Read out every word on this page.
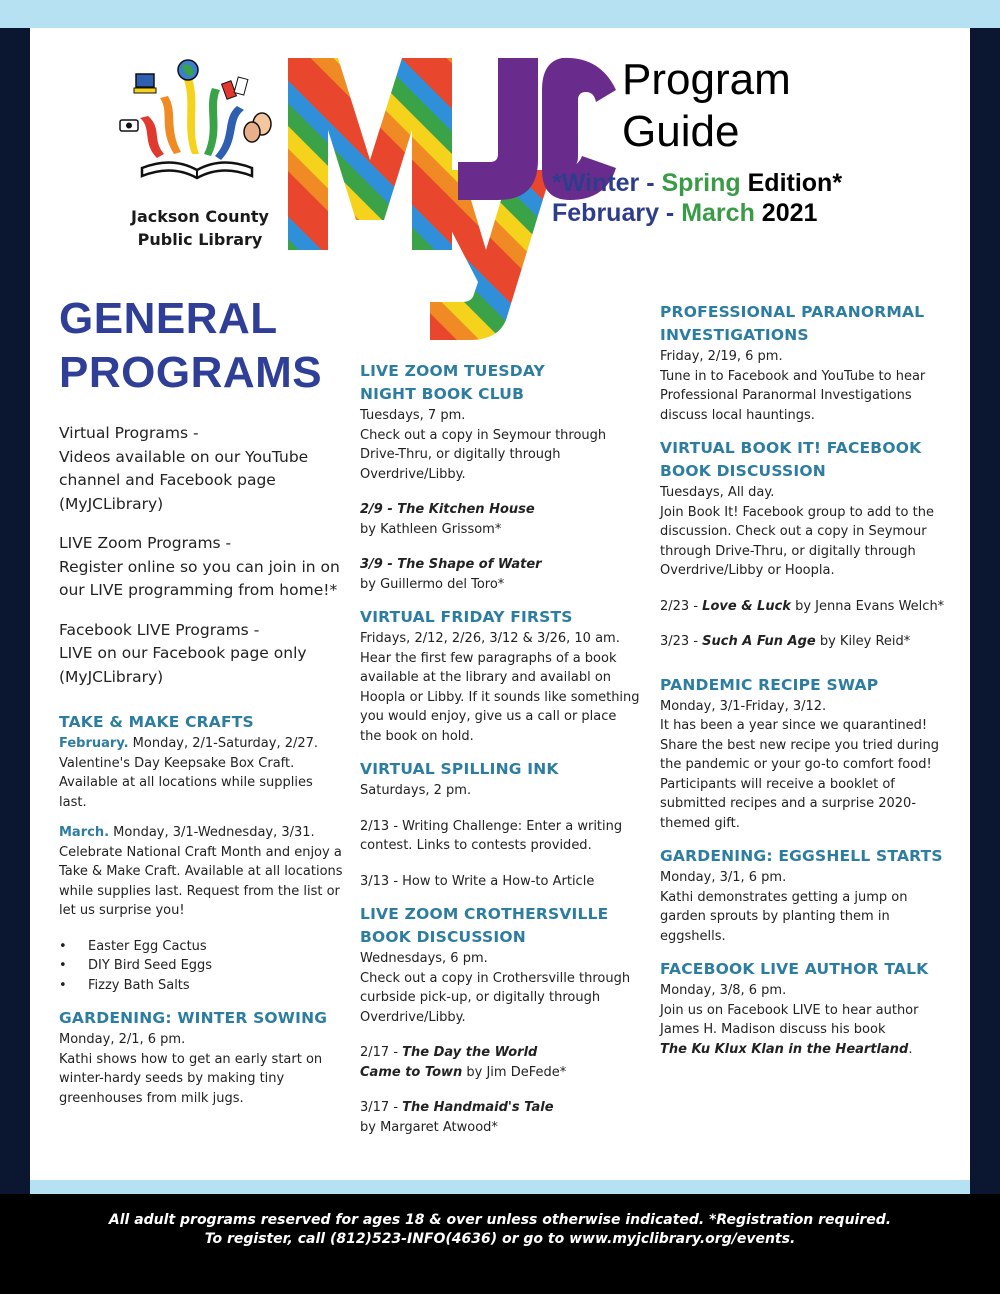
Jackson County
Public Library
Program
Guide
*Winter - Spring Edition*
February - March 2021
GENERAL
PROGRAMS

Virtual Programs -

Videos available on our YouTube channel and Facebook page (MyJCLibrary)

LIVE Zoom Programs -

Register online so you can join in on our LIVE programming from home!*

Facebook LIVE Programs -

LIVE on our Facebook page only (MyJCLibrary)

TAKE & MAKE CRAFTS

February. Monday, 2/1-Saturday, 2/27. Valentine's Day Keepsake Box Craft. Available at all locations while supplies last.

March. Monday, 3/1-Wednesday, 3/31. Celebrate National Craft Month and enjoy a Take & Make Craft. Available at all locations while supplies last. Request from the list or let us surprise you!

• Easter Egg Cactus
• DIY Bird Seed Eggs
• Fizzy Bath Salts

GARDENING: WINTER SOWING

Monday, 2/1, 6 pm.

Kathi shows how to get an early start on winter-hardy seeds by making tiny greenhouses from milk jugs.

LIVE ZOOM TUESDAY
NIGHT BOOK CLUB

Tuesdays, 7 pm.

Check out a copy in Seymour through Drive-Thru, or digitally through Overdrive/Libby.

2/9 - The Kitchen House

by Kathleen Grissom*

3/9 - The Shape of Water

by Guillermo del Toro*

VIRTUAL FRIDAY FIRSTS

Fridays, 2/12, 2/26, 3/12 & 3/26, 10 am.

Hear the first few paragraphs of a book available at the library and availabl on Hoopla or Libby. If it sounds like something you would enjoy, give us a call or place the book on hold.

VIRTUAL SPILLING INK

Saturdays, 2 pm.

2/13 - Writing Challenge: Enter a writing contest. Links to contests provided.

3/13 - How to Write a How-to Article

LIVE ZOOM CROTHERSVILLE
BOOK DISCUSSION

Wednesdays, 6 pm.

Check out a copy in Crothersville through curbside pick-up, or digitally through Overdrive/Libby.

2/17 - The Day the World
Came to Town by Jim DeFede*

3/17 - The Handmaid's Tale

by Margaret Atwood*

PROFESSIONAL PARANORMAL
INVESTIGATIONS

Friday, 2/19, 6 pm.

Tune in to Facebook and YouTube to hear Professional Paranormal Investigations discuss local hauntings.

VIRTUAL BOOK IT! FACEBOOK
BOOK DISCUSSION

Tuesdays, All day.

Join Book It! Facebook group to add to the discussion. Check out a copy in Seymour through Drive-Thru, or digitally through Overdrive/Libby or Hoopla.

2/23 - Love & Luck by Jenna Evans Welch*

3/23 - Such A Fun Age by Kiley Reid*

PANDEMIC RECIPE SWAP

Monday, 3/1-Friday, 3/12.

It has been a year since we quarantined! Share the best new recipe you tried during the pandemic or your go-to comfort food! Participants will receive a booklet of submitted recipes and a surprise 2020-themed gift.

GARDENING: EGGSHELL STARTS

Monday, 3/1, 6 pm.

Kathi demonstrates getting a jump on garden sprouts by planting them in eggshells.

FACEBOOK LIVE AUTHOR TALK

Monday, 3/8, 6 pm.

Join us on Facebook LIVE to hear author James H. Madison discuss his book
The Ku Klux Klan in the Heartland.

All adult programs reserved for ages 18 & over unless otherwise indicated. *Registration required.

To register, call (812)523-INFO(4636) or go to www.myjclibrary.org/events.
